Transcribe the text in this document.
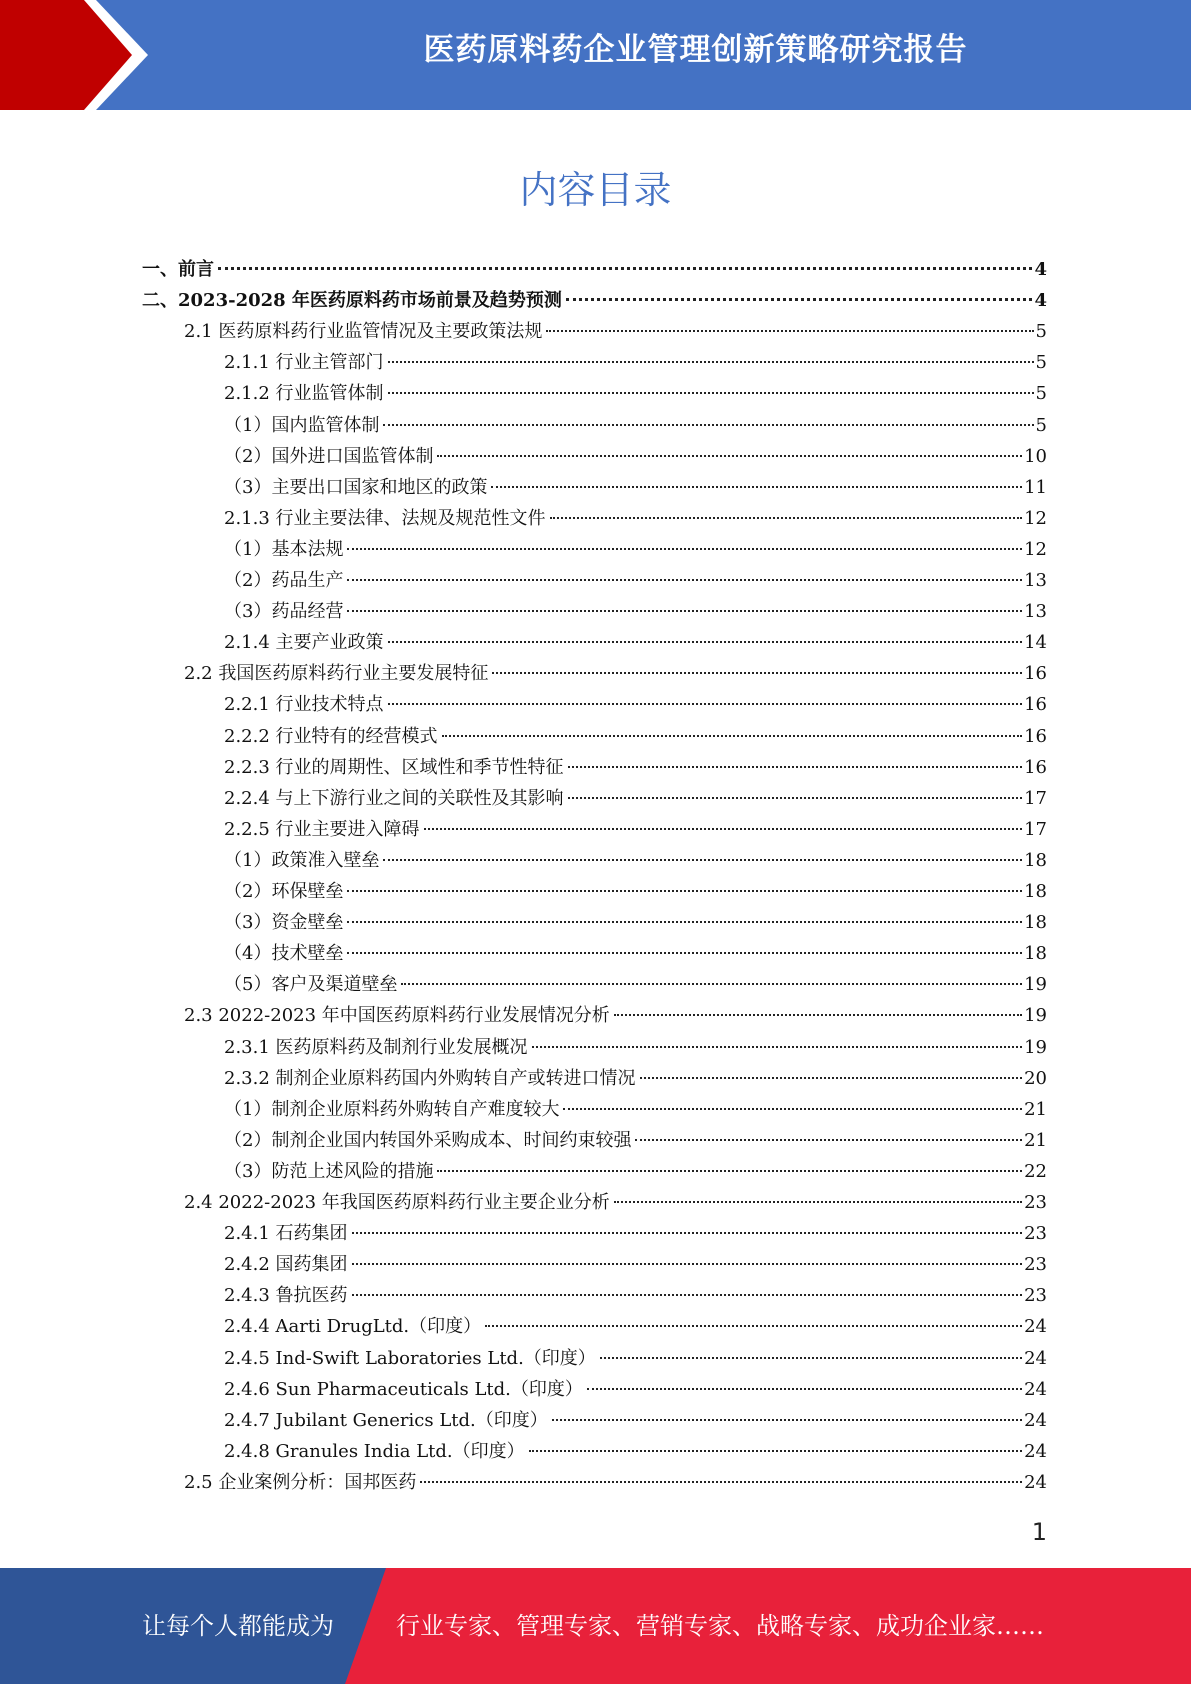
医药原料药企业管理创新策略研究报告
内容目录
一、前言	4
二、2023-2028 年医药原料药市场前景及趋势预测	4
2.1 医药原料药行业监管情况及主要政策法规	5
2.1.1 行业主管部门	5
2.1.2 行业监管体制	5
（1）国内监管体制	5
（2）国外进口国监管体制	10
（3）主要出口国家和地区的政策	11
2.1.3 行业主要法律、法规及规范性文件	12
（1）基本法规	12
（2）药品生产	13
（3）药品经营	13
2.1.4 主要产业政策	14
2.2 我国医药原料药行业主要发展特征	16
2.2.1 行业技术特点	16
2.2.2 行业特有的经营模式	16
2.2.3 行业的周期性、区域性和季节性特征	16
2.2.4 与上下游行业之间的关联性及其影响	17
2.2.5 行业主要进入障碍	17
（1）政策准入壁垒	18
（2）环保壁垒	18
（3）资金壁垒	18
（4）技术壁垒	18
（5）客户及渠道壁垒	19
2.3 2022-2023 年中国医药原料药行业发展情况分析	19
2.3.1 医药原料药及制剂行业发展概况	19
2.3.2 制剂企业原料药国内外购转自产或转进口情况	20
（1）制剂企业原料药外购转自产难度较大	21
（2）制剂企业国内转国外采购成本、时间约束较强	21
（3）防范上述风险的措施	22
2.4 2022-2023 年我国医药原料药行业主要企业分析	23
2.4.1 石药集团	23
2.4.2 国药集团	23
2.4.3 鲁抗医药	23
2.4.4 Aarti DrugLtd.（印度）	24
2.4.5 Ind-Swift Laboratories Ltd.（印度）	24
2.4.6 Sun Pharmaceuticals Ltd.（印度）	24
2.4.7 Jubilant Generics Ltd.（印度）	24
2.4.8 Granules India Ltd.（印度）	24
2.5 企业案例分析：国邦医药	24
1
让每个人都能成为	行业专家、管理专家、营销专家、战略专家、成功企业家……
